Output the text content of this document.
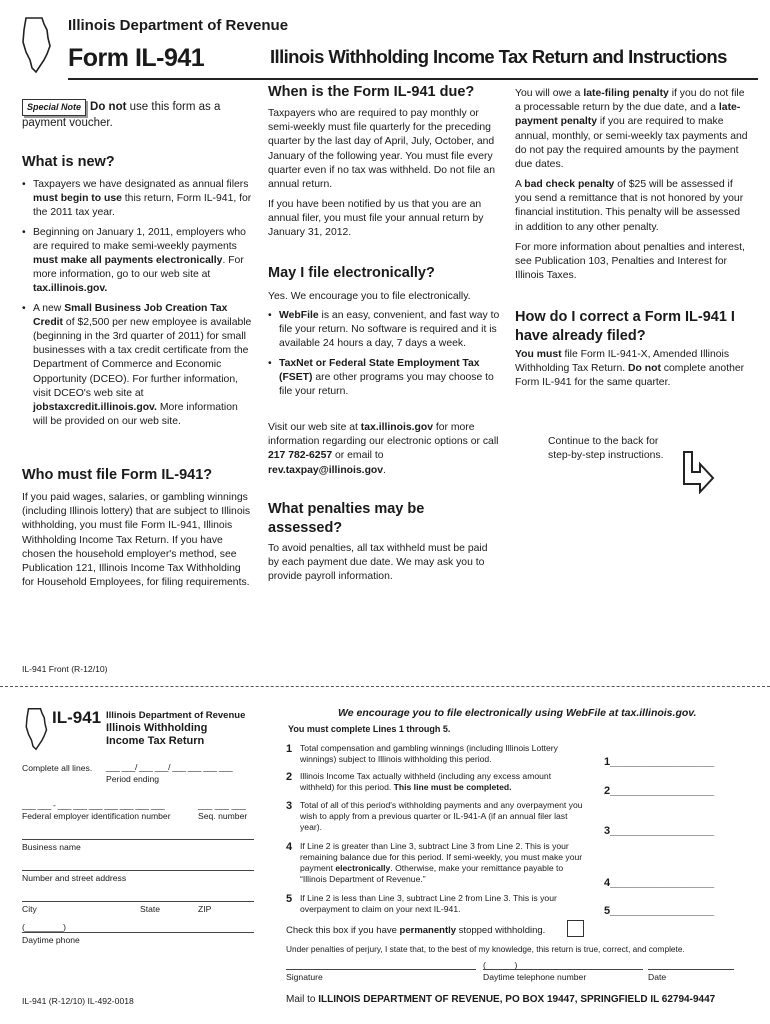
Illinois Department of Revenue
Form IL-941	Illinois Withholding Income Tax Return and Instructions
Special Note Do not use this form as a payment voucher.
What is new?
• Taxpayers we have designated as annual filers must begin to use this return, Form IL-941, for the 2011 tax year.
• Beginning on January 1, 2011, employers who are required to make semi-weekly payments must make all payments electronically. For more information, go to our web site at tax.illinois.gov.
• A new Small Business Job Creation Tax Credit of $2,500 per new employee is available (beginning in the 3rd quarter of 2011) for small businesses with a tax credit certificate from the Department of Commerce and Economic Opportunity (DCEO). For further information, visit DCEO's web site at jobstaxcredit.illinois.gov. More information will be provided on our web site.
Who must file Form IL-941?

If you paid wages, salaries, or gambling winnings (including Illinois lottery) that are subject to Illinois withholding, you must file Form IL-941, Illinois Withholding Income Tax Return. If you have chosen the household employer's method, see Publication 121, Illinois Income Tax Withholding for Household Employees, for filing requirements.

When is the Form IL-941 due?

Taxpayers who are required to pay monthly or semi-weekly must file quarterly for the preceding quarter by the last day of April, July, October, and January of the following year. You must file every quarter even if no tax was withheld. Do not file an annual return.

If you have been notified by us that you are an annual filer, you must file your annual return by January 31, 2012.

May I file electronically?

Yes. We encourage you to file electronically.

• WebFile is an easy, convenient, and fast way to file your return. No software is required and it is available 24 hours a day, 7 days a week.
• TaxNet or Federal State Employment Tax (FSET) are other programs you may choose to file your return.

Visit our web site at tax.illinois.gov for more information regarding our electronic options or call 217 782-6257 or email to rev.taxpay@illinois.gov.

What penalties may be assessed?

To avoid penalties, all tax withheld must be paid by each payment due date. We may ask you to provide payroll information.

You will owe a late-filing penalty if you do not file a processable return by the due date, and a late-payment penalty if you are required to make annual, monthly, or semi-weekly tax payments and do not pay the required amounts by the payment due dates.

A bad check penalty of $25 will be assessed if you send a remittance that is not honored by your financial institution. This penalty will be assessed in addition to any other penalty.

For more information about penalties and interest, see Publication 103, Penalties and Interest for Illinois Taxes.

How do I correct a Form IL-941 I have already filed?

You must file Form IL-941-X, Amended Illinois Withholding Tax Return. Do not complete another Form IL-941 for the same quarter.

Continue to the back for step-by-step instructions.

IL-941 Front (R-12/10)
IL-941 Illinois Department of Revenue
Illinois Withholding
Income Tax Return
Complete all lines. ___ ___/ ___ ___/ ___ ___ ___ ___
Period ending
___ ___ - ___ ___ ___ ___ ___ ___ ___	___ ___ ___
Federal employer identification number	Seq. number
Business name
Number and street address
City	State	ZIP
(________)
Daytime phone
We encourage you to file electronically using WebFile at tax.illinois.gov.
You must complete Lines 1 through 5.
1 Total compensation and gambling winnings (including Illinois Lottery winnings) subject to Illinois withholding this period.
2 Illinois Income Tax actually withheld (including any excess amount withheld) for this period. This line must be completed.
3 Total of all of this period's withholding payments and any overpayment you wish to apply from a previous quarter or IL-941-A (if an annual filer last year).
4 If Line 2 is greater than Line 3, subtract Line 3 from Line 2. This is your remaining balance due for this period. If semi-weekly, you must make your payment electronically. Otherwise, make your remittance payable to “Illinois Department of Revenue.”
5 If Line 2 is less than Line 3, subtract Line 2 from Line 3. This is your overpayment to claim on your next IL-941.
1_________________
2_________________
3_________________
4_________________
5_________________
Check this box if you have permanently stopped withholding.
Under penalties of perjury, I state that, to the best of my knowledge, this return is true, correct, and complete.
(______)
Signature	Daytime telephone number	Date
IL-941 (R-12/10) IL-492-0018	Mail to ILLINOIS DEPARTMENT OF REVENUE, PO BOX 19447, SPRINGFIELD IL 62794-9447
